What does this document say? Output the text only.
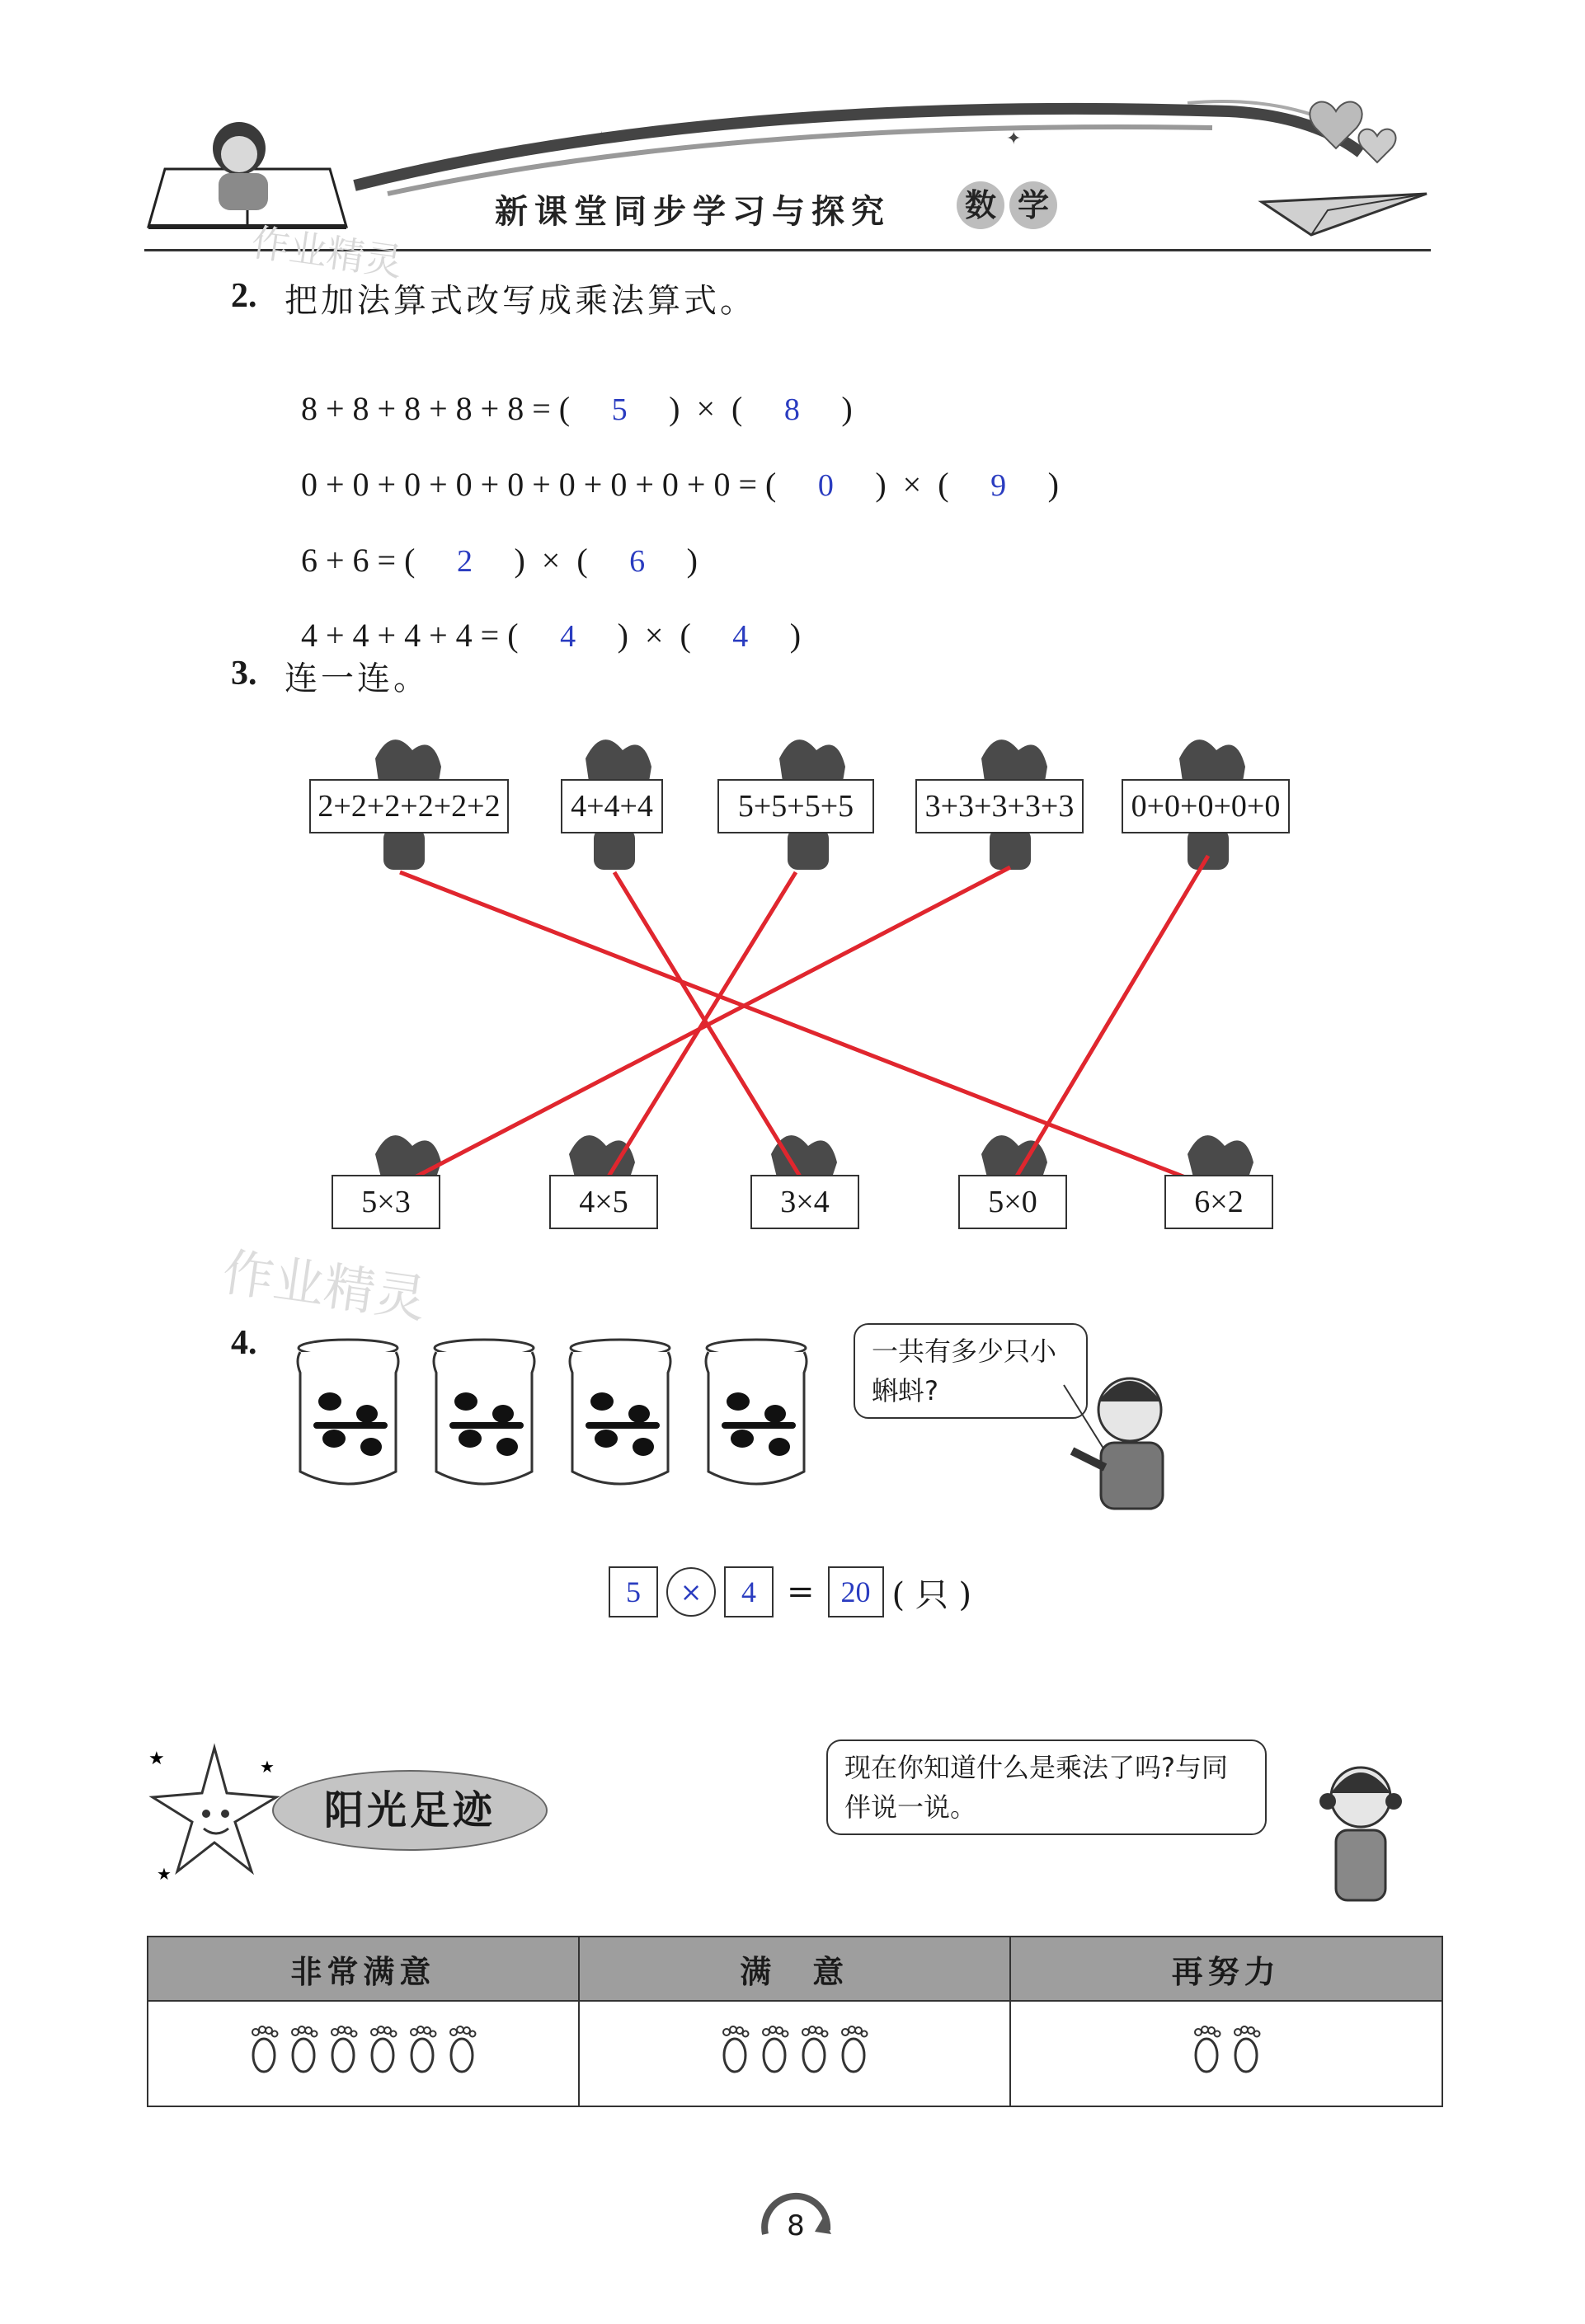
✦	✦
新课堂同步学习与探究 数 学
作业精灵
2. 把加法算式改写成乘法算式。

8 + 8 + 8 + 8 + 8 = ( 5 )  ×  ( 8 )

0 + 0 + 0 + 0 + 0 + 0 + 0 + 0 + 0 = ( 0 )  ×  ( 9 )

6 + 6 = ( 2 )  ×  ( 6 )

4 + 4 + 4 + 4 = ( 4 )  ×  ( 4 )

3. 连一连。
2+2+2+2+2+2	4+4+4	5+5+5+5	3+3+3+3+3	0+0+0+0+0
5×3	4×5	3×4	5×0	6×2
作业精灵
4.	一共有多少只小蝌蚪?
5	×	4 = 20 ( 只 )
★	★
★
阳光足迹
现在你知道什么是乘法了吗?与同伴说一说。
非常满意	满　意	再努力

8
